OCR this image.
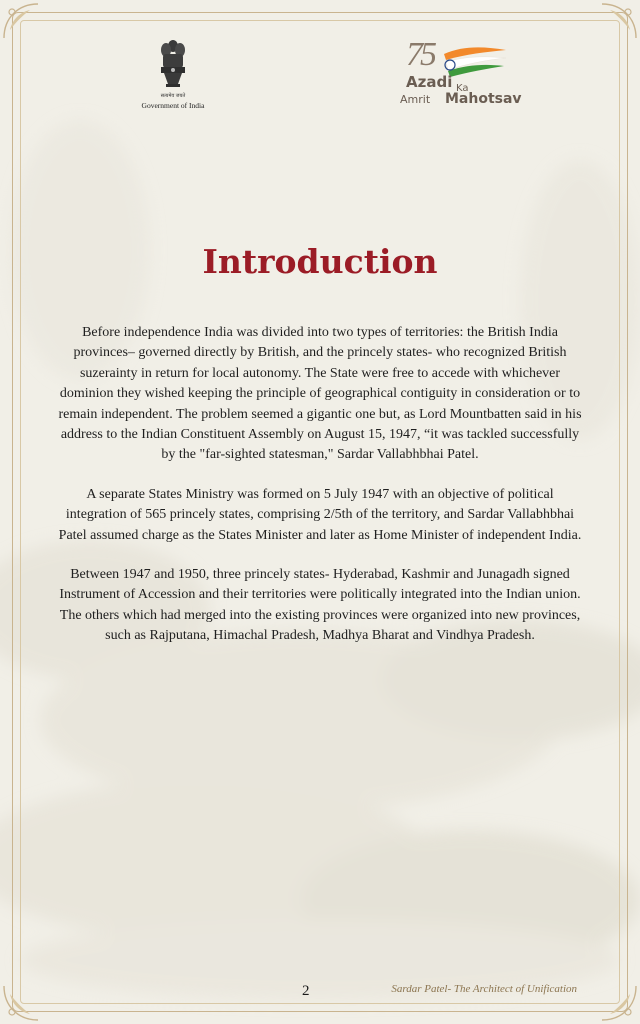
सत्यमेव जयते
Government of India
75
Azadi Ka
Amrit Mahotsav
Introduction

Before independence India was divided into two types of territories: the British India provinces– governed directly by British, and the princely states- who recognized British suzerainty in return for local autonomy. The State were free to accede with whichever dominion they wished keeping the principle of geographical contiguity in consideration or to remain independent. The problem seemed a gigantic one but, as Lord Mountbatten said in his address to the Indian Constituent Assembly on August 15, 1947, “it was tackled successfully by the "far-sighted statesman," Sardar Vallabhbhai Patel.

A separate States Ministry was formed on 5 July 1947 with an objective of political integration of 565 princely states, comprising 2/5th of the territory, and Sardar Vallabhbhai Patel assumed charge as the States Minister and later as Home Minister of independent India.

Between 1947 and 1950, three princely states- Hyderabad, Kashmir and Junagadh signed Instrument of Accession and their territories were politically integrated into the Indian union. The others which had merged into the existing provinces were organized into new provinces, such as Rajputana, Himachal Pradesh, Madhya Bharat and Vindhya Pradesh.

2	Sardar Patel- The Architect of Unification
